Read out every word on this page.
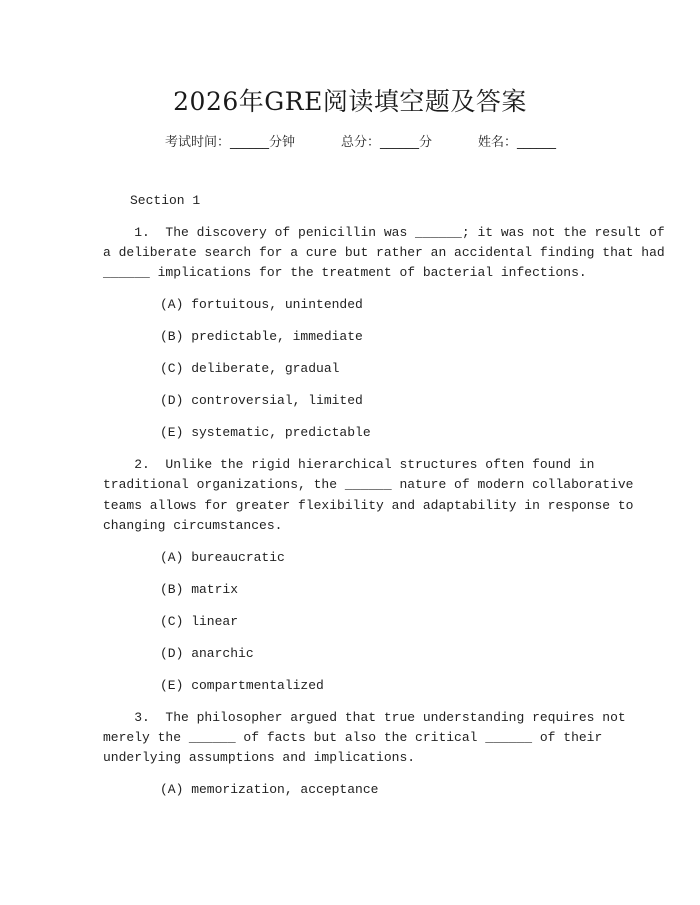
2026年GRE阅读填空题及答案
考试时间：______分钟	总分：______分	姓名：______
Section 1
1.  The discovery of penicillin was ______; it was not the result of
a deliberate search for a cure but rather an accidental finding that had
______ implications for the treatment of bacterial infections.
(A) fortuitous, unintended
(B) predictable, immediate
(C) deliberate, gradual
(D) controversial, limited
(E) systematic, predictable
2.  Unlike the rigid hierarchical structures often found in
traditional organizations, the ______ nature of modern collaborative
teams allows for greater flexibility and adaptability in response to
changing circumstances.
(A) bureaucratic
(B) matrix
(C) linear
(D) anarchic
(E) compartmentalized
3.  The philosopher argued that true understanding requires not
merely the ______ of facts but also the critical ______ of their
underlying assumptions and implications.
(A) memorization, acceptance
